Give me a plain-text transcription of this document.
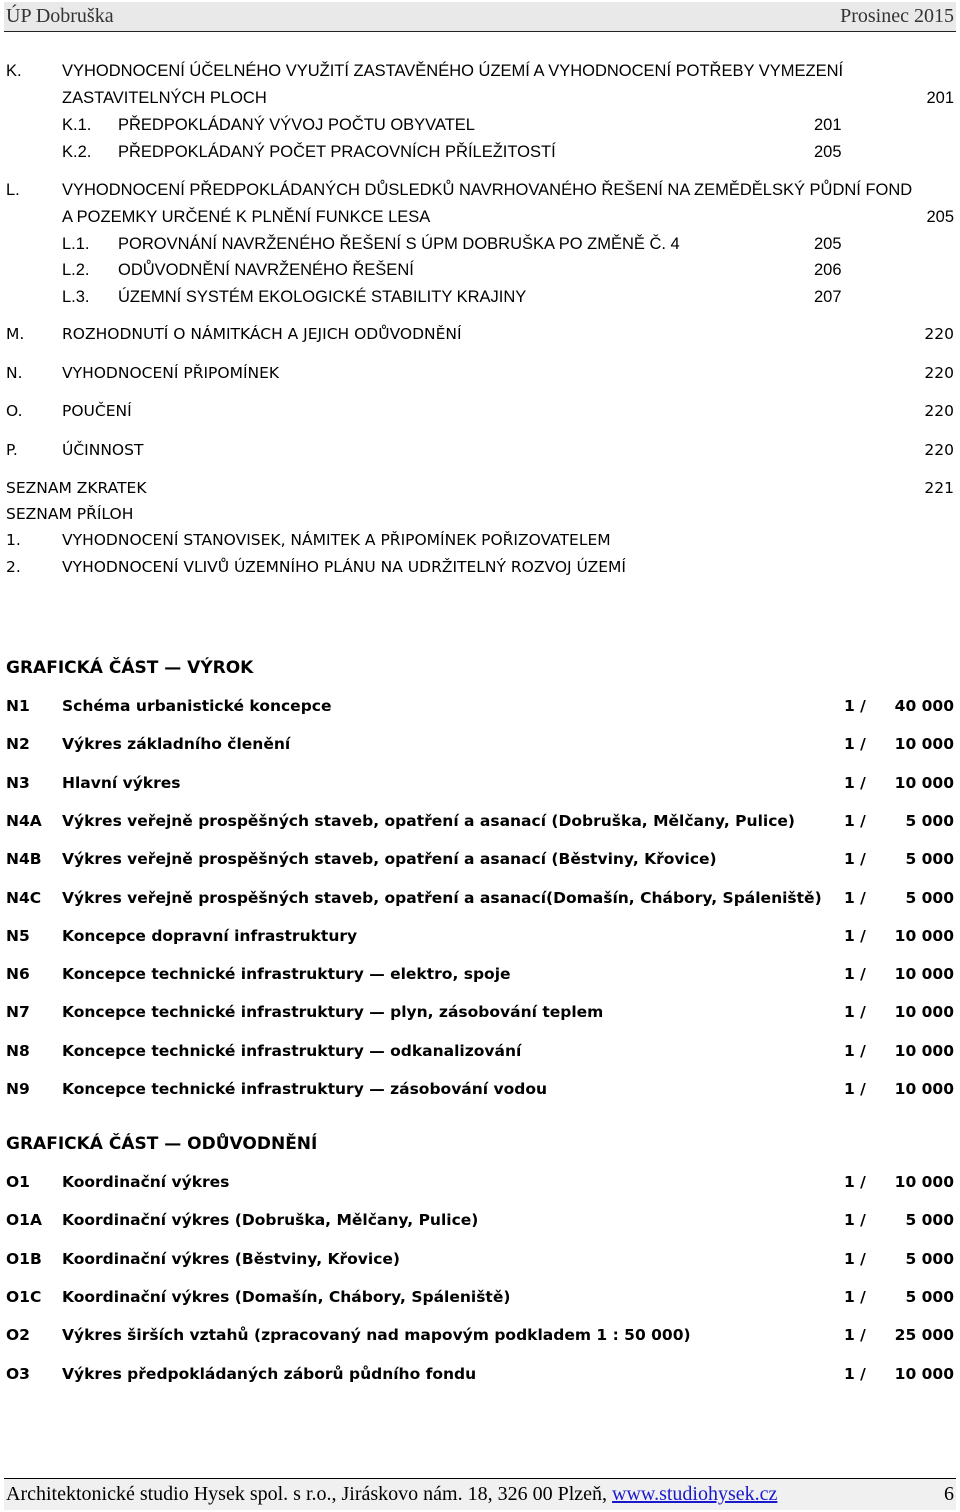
ÚP Dobruška	Prosinec 2015
K. VYHODNOCENÍ ÚČELNÉHO VYUŽITÍ ZASTAVĚNÉHO ÚZEMÍ A VYHODNOCENÍ POTŘEBY VYMEZENÍ
ZASTAVITELNÝCH PLOCH	201
K.1. PŘEDPOKLÁDANÝ VÝVOJ POČTU OBYVATEL	201
K.2. PŘEDPOKLÁDANÝ POČET PRACOVNÍCH PŘÍLEŽITOSTÍ	205
L.	VYHODNOCENÍ PŘEDPOKLÁDANÝCH DŮSLEDKŮ NAVRHOVANÉHO ŘEŠENÍ NA ZEMĚDĚLSKÝ PŮDNÍ FOND
A POZEMKY URČENÉ K PLNĚNÍ FUNKCE LESA	205
L.1. POROVNÁNÍ NAVRŽENÉHO ŘEŠENÍ S ÚPM DOBRUŠKA PO ZMĚNĚ Č. 4	205
L.2. ODŮVODNĚNÍ NAVRŽENÉHO ŘEŠENÍ	206
L.3. ÚZEMNÍ SYSTÉM EKOLOGICKÉ STABILITY KRAJINY	207
M. ROZHODNUTÍ O NÁMITKÁCH A JEJICH ODŮVODNĚNÍ	220
N.	VYHODNOCENÍ PŘIPOMÍNEK	220
O.	POUČENÍ	220
P.	ÚČINNOST	220
SEZNAM ZKRATEK	221
SEZNAM PŘÍLOH
1.	VYHODNOCENÍ STANOVISEK, NÁMITEK A PŘIPOMÍNEK POŘIZOVATELEM
2.	VYHODNOCENÍ VLIVŮ ÚZEMNÍHO PLÁNU NA UDRŽITELNÝ ROZVOJ ÚZEMÍ
GRAFICKÁ ČÁST — VÝROK
N1 Schéma urbanistické koncepce	1 / 40 000
N2 Výkres základního členění	1 / 10 000
N3 Hlavní výkres	1 / 10 000
N4A Výkres veřejně prospěšných staveb, opatření a asanací (Dobruška, Mělčany, Pulice)	1 /	5 000
N4B Výkres veřejně prospěšných staveb, opatření a asanací (Běstviny, Křovice)	1 /	5 000
N4C Výkres veřejně prospěšných staveb, opatření a asanací(Domašín, Chábory, Spáleniště) 1 /	5 000
N5 Koncepce dopravní infrastruktury	1 / 10 000
N6 Koncepce technické infrastruktury — elektro, spoje	1 / 10 000
N7 Koncepce technické infrastruktury — plyn, zásobování teplem	1 / 10 000
N8 Koncepce technické infrastruktury — odkanalizování	1 / 10 000
N9 Koncepce technické infrastruktury — zásobování vodou	1 / 10 000
GRAFICKÁ ČÁST — ODŮVODNĚNÍ
O1 Koordinační výkres	1 / 10 000
O1A Koordinační výkres (Dobruška, Mělčany, Pulice)	1 /	5 000
O1B Koordinační výkres (Běstviny, Křovice)	1 /	5 000
O1C Koordinační výkres (Domašín, Chábory, Spáleniště)	1 /	5 000
O2 Výkres širších vztahů (zpracovaný nad mapovým podkladem 1 : 50 000)	1 / 25 000
O3 Výkres předpokládaných záborů půdního fondu	1 / 10 000
Architektonické studio Hysek spol. s r.o., Jiráskovo nám. 18, 326 00 Plzeň, www.studiohysek.cz	6
